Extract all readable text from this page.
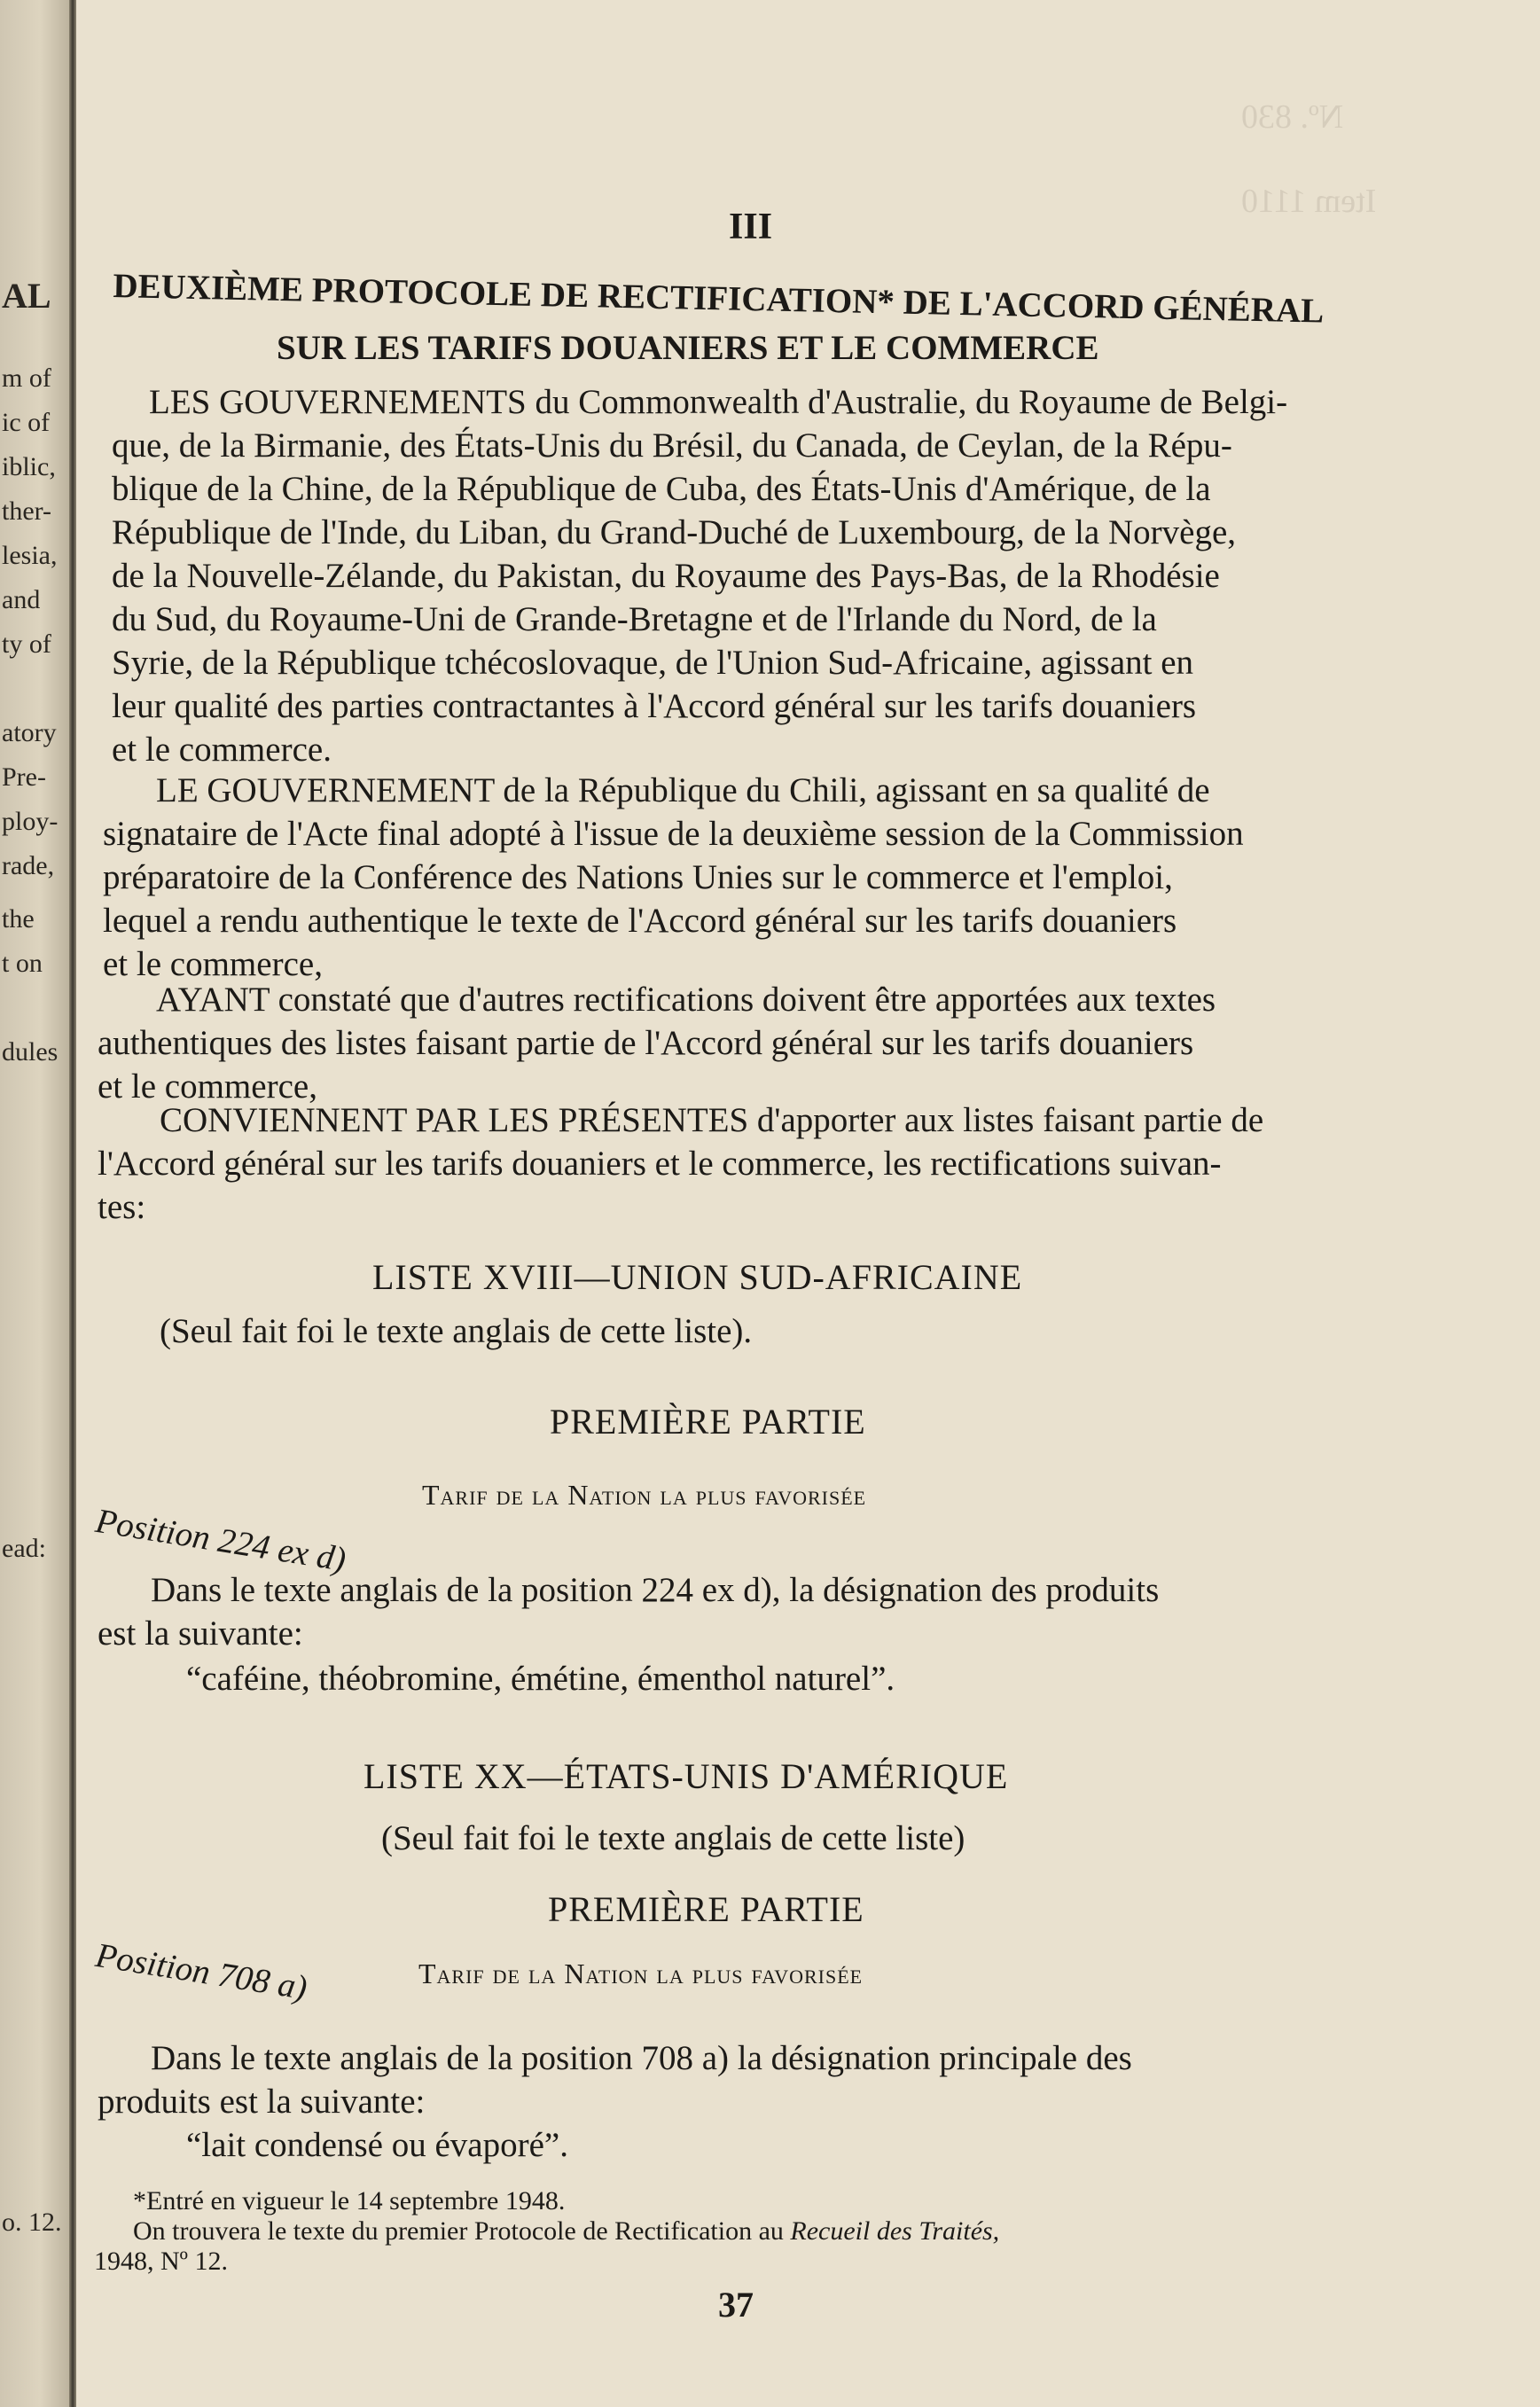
Nº. 830
Item 1110
AL
m of
ic of
iblic,
ther-
lesia,
and
ty of
atory
Pre-
ploy-
rade,
the
t on
dules
ead:
o. 12.
III
DEUXIÈME PROTOCOLE DE RECTIFICATION* DE L'ACCORD GÉNÉRAL
SUR LES TARIFS DOUANIERS ET LE COMMERCE
LES GOUVERNEMENTS du Commonwealth d'Australie, du Royaume de Belgi-
que, de la Birmanie, des États-Unis du Brésil, du Canada, de Ceylan, de la Répu-
blique de la Chine, de la République de Cuba, des États-Unis d'Amérique, de la
République de l'Inde, du Liban, du Grand-Duché de Luxembourg, de la Norvège,
de la Nouvelle-Zélande, du Pakistan, du Royaume des Pays-Bas, de la Rhodésie
du Sud, du Royaume-Uni de Grande-Bretagne et de l'Irlande du Nord, de la
Syrie, de la République tchécoslovaque, de l'Union Sud-Africaine, agissant en
leur qualité des parties contractantes à l'Accord général sur les tarifs douaniers
et le commerce.
LE GOUVERNEMENT de la République du Chili, agissant en sa qualité de
signataire de l'Acte final adopté à l'issue de la deuxième session de la Commission
préparatoire de la Conférence des Nations Unies sur le commerce et l'emploi,
lequel a rendu authentique le texte de l'Accord général sur les tarifs douaniers
et le commerce,
AYANT constaté que d'autres rectifications doivent être apportées aux textes
authentiques des listes faisant partie de l'Accord général sur les tarifs douaniers
et le commerce,
CONVIENNENT PAR LES PRÉSENTES d'apporter aux listes faisant partie de
l'Accord général sur les tarifs douaniers et le commerce, les rectifications suivan-
tes:
LISTE XVIII—UNION SUD-AFRICAINE
(Seul fait foi le texte anglais de cette liste).
PREMIÈRE PARTIE
Tarif de la Nation la plus favorisée
Position 224 ex d)
Dans le texte anglais de la position 224 ex d), la désignation des produits
est la suivante:
“caféine, théobromine, émétine, émenthol naturel”.
LISTE XX—ÉTATS-UNIS D'AMÉRIQUE
(Seul fait foi le texte anglais de cette liste)
PREMIÈRE PARTIE
Tarif de la Nation la plus favorisée
Position 708 a)
Dans le texte anglais de la position 708 a) la désignation principale des
produits est la suivante:
“lait condensé ou évaporé”.
*Entré en vigueur le 14 septembre 1948.
On trouvera le texte du premier Protocole de Rectification au Recueil des Traités,
1948, Nº 12.
37
